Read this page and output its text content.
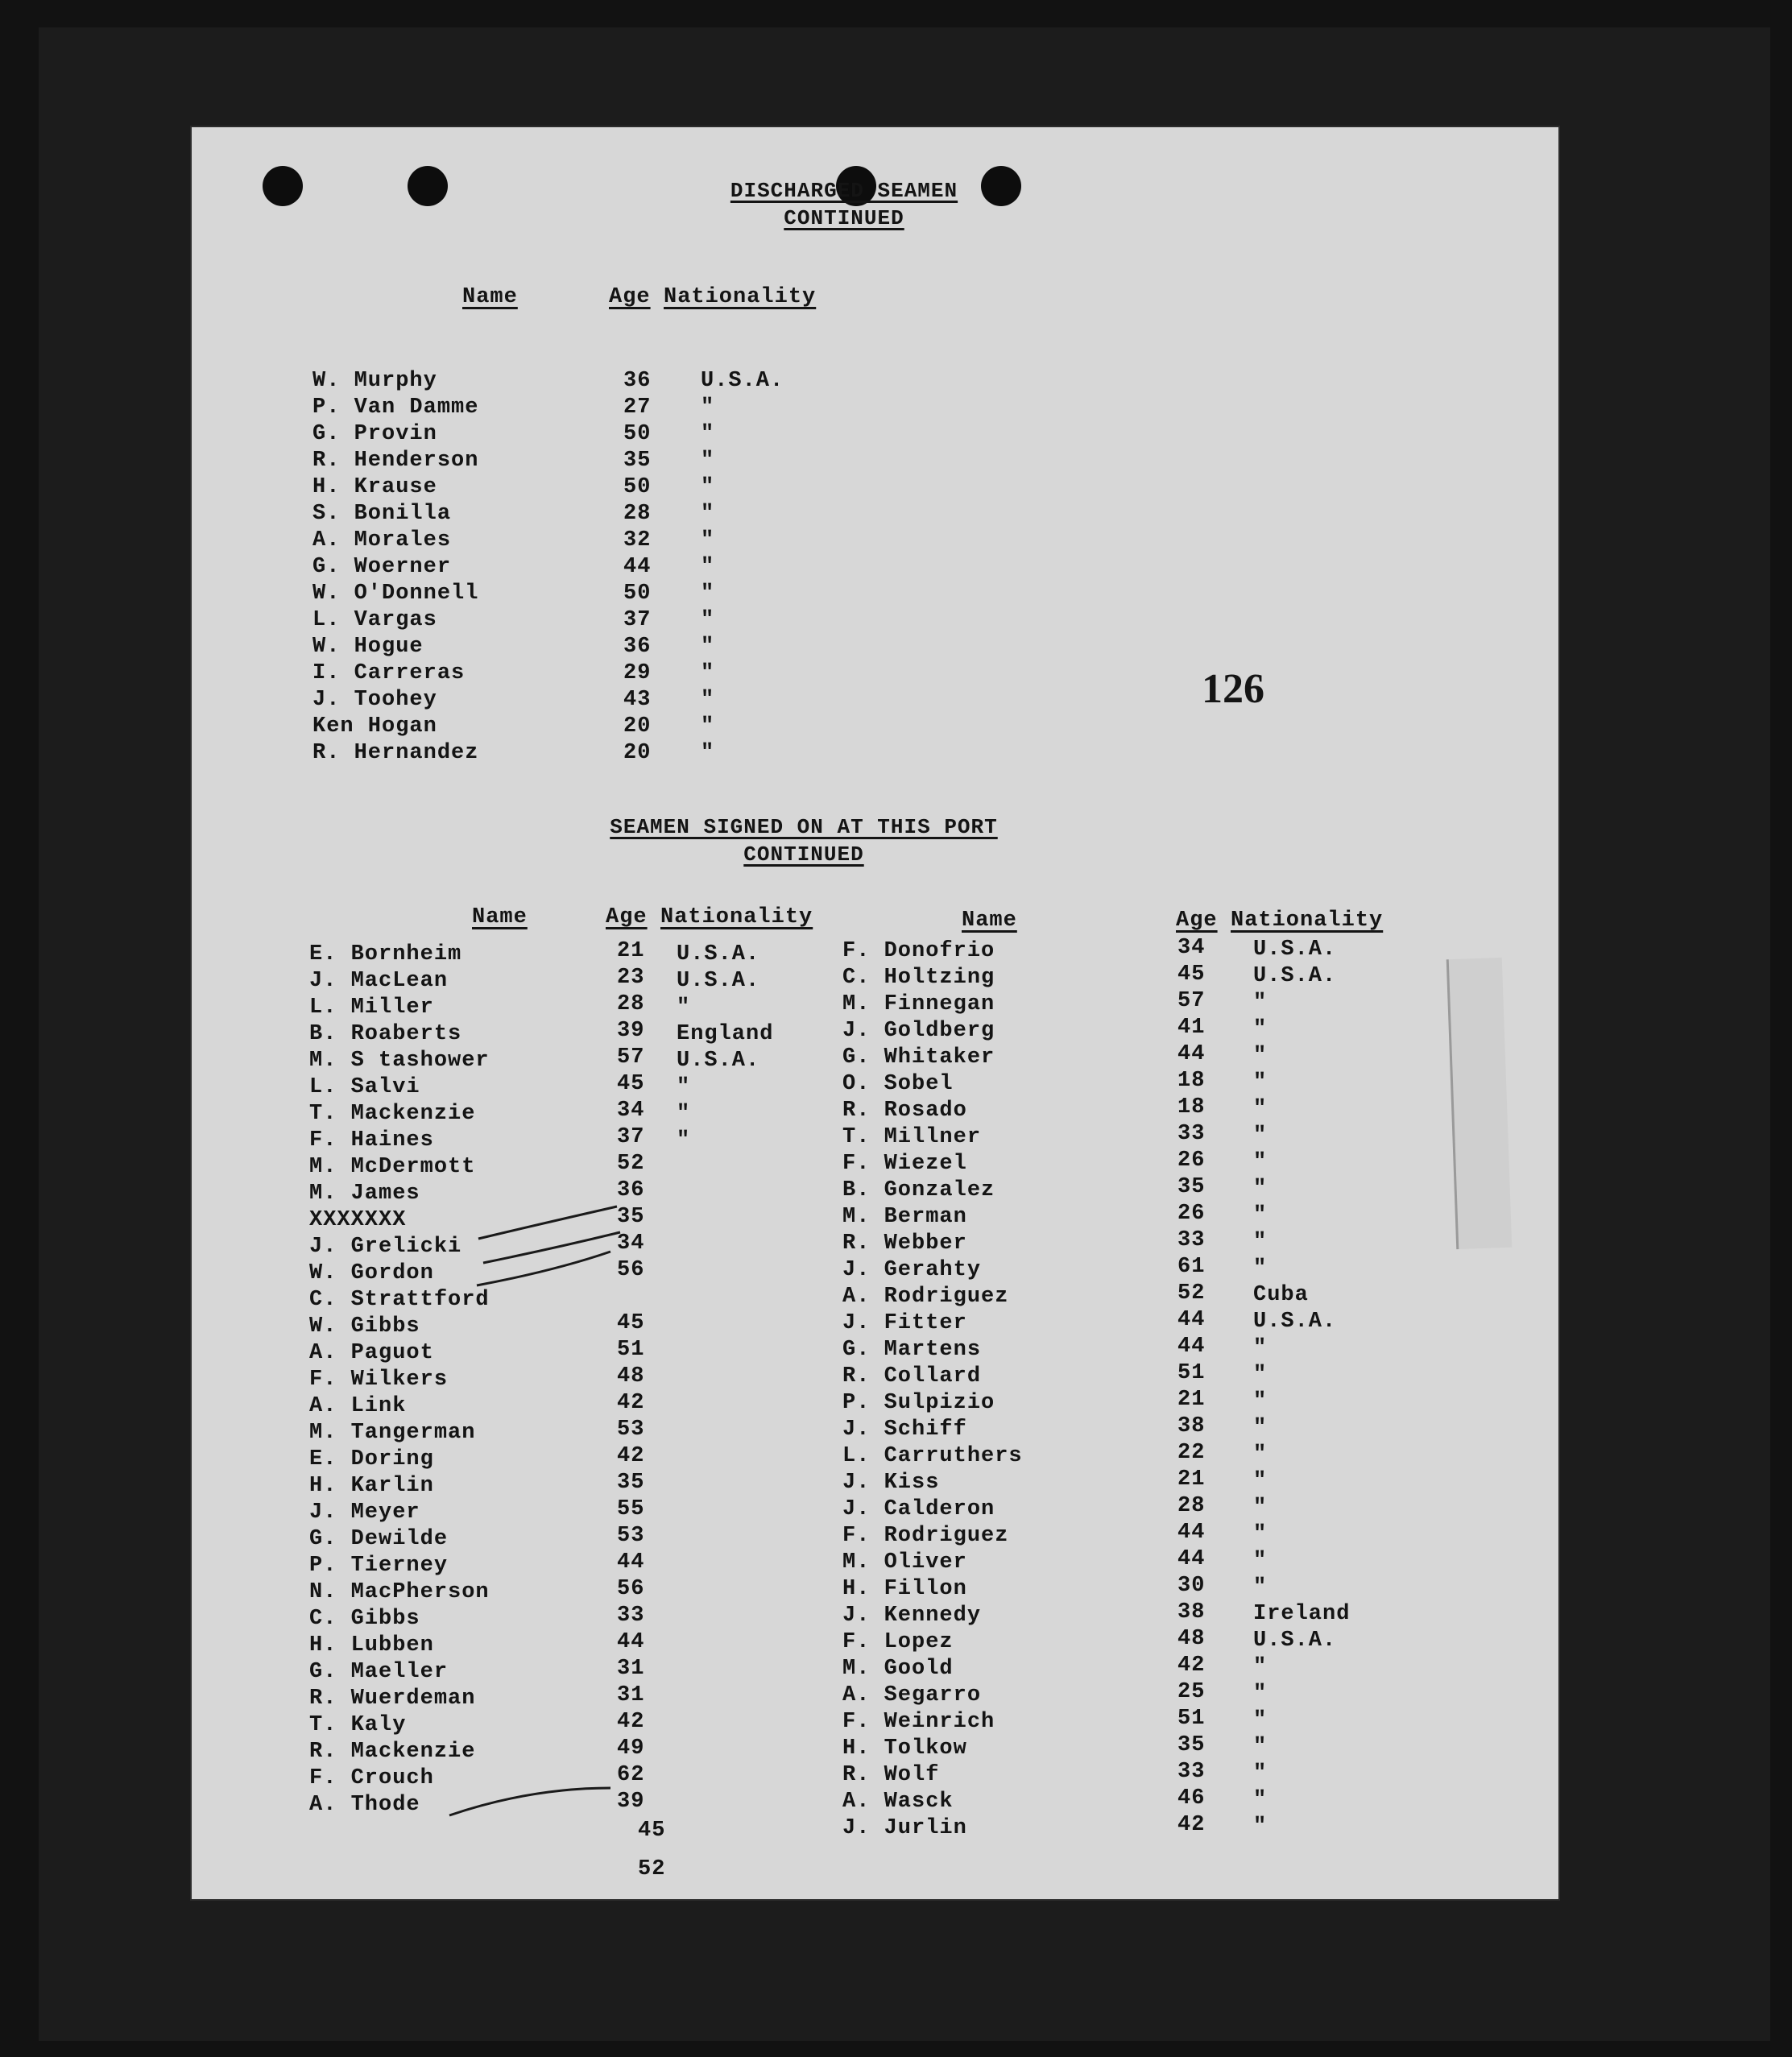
DISCHARGED SEAMEN
CONTINUED
Name	Age Nationality
W. Murphy	36 U.S.A.
P. Van Damme	27 "
G. Provin	50 "
R. Henderson	35 "
H. Krause	50 "
S. Bonilla	28 "
A. Morales	32 "
G. Woerner	44 "
W. O'Donnell	50 "
L. Vargas	37 "
W. Hogue	36 "
I. Carreras	29 "
J. Toohey	43 "
Ken Hogan	20 "
R. Hernandez	20 "
126
SEAMEN SIGNED ON AT THIS PORT
CONTINUED
Name	Age Nationality	Name	Age Nationality
E. Bornheim	21 U.S.A.
J. MacLean	23 U.S.A.
L. Miller	28 "
B. Roaberts	39 England
M. S tashower	57 U.S.A.
L. Salvi	45 "
T. Mackenzie	34 "
F. Haines	37 "
M. McDermott	52
M. James	36
XXXXXXX	35
J. Grelicki	34
W. Gordon	56
C. Strattford
W. Gibbs	45
A. Paguot	51
F. Wilkers	48
A. Link	42
M. Tangerman	53
E. Doring	42
H. Karlin	35
J. Meyer	55
G. Dewilde	53
P. Tierney	44
N. MacPherson	56
C. Gibbs	33
H. Lubben	44
G. Maeller	31
R. Wuerdeman	31
T. Kaly	42
R. Mackenzie	49
F. Crouch	62
A. Thode	39
45
52
F. Donofrio	34 U.S.A.
C. Holtzing	45 U.S.A.
M. Finnegan	57 "
J. Goldberg	41 "
G. Whitaker	44 "
O. Sobel	18 "
R. Rosado	18 "
T. Millner	33 "
F. Wiezel	26 "
B. Gonzalez	35 "
M. Berman	26 "
R. Webber	33 "
J. Gerahty	61 "
A. Rodriguez	52 Cuba
J. Fitter	44 U.S.A.
G. Martens	44 "
R. Collard	51 "
P. Sulpizio	21 "
J. Schiff	38 "
L. Carruthers	22 "
J. Kiss	21 "
J. Calderon	28 "
F. Rodriguez	44 "
M. Oliver	44 "
H. Fillon	30 "
J. Kennedy	38 Ireland
F. Lopez	48 U.S.A.
M. Goold	42 "
A. Segarro	25 "
F. Weinrich	51 "
H. Tolkow	35 "
R. Wolf	33 "
A. Wasck	46 "
J. Jurlin	42 "
